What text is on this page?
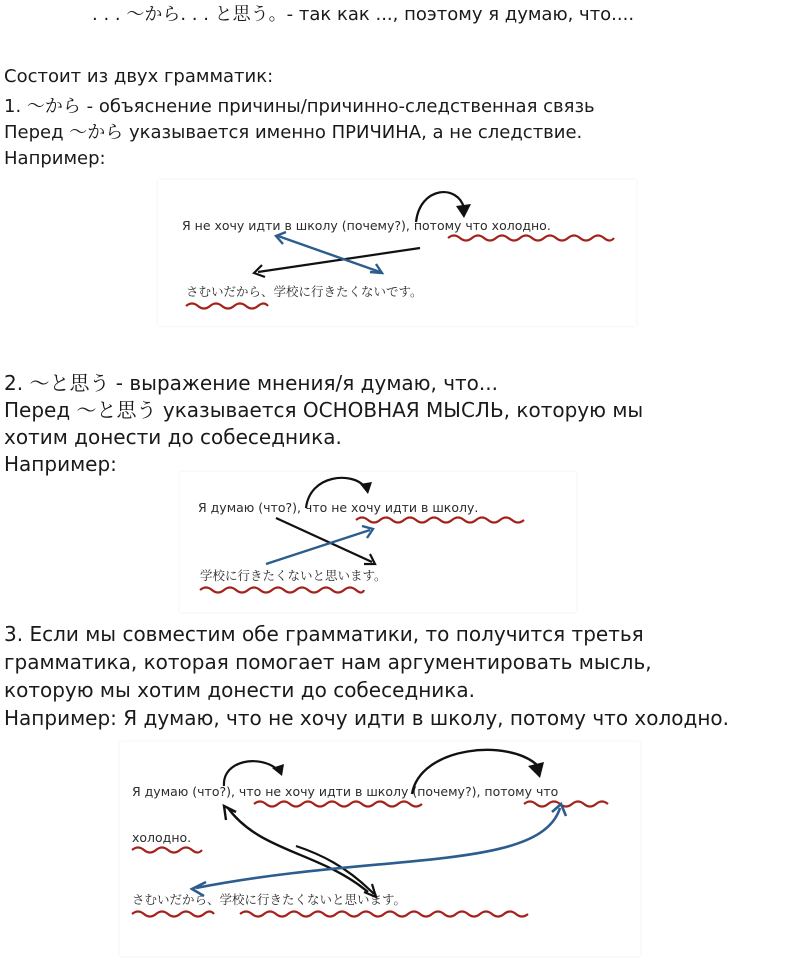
. . . ～から. . . と思う。- так как ..., поэтому я думаю, что....
Состоит из двух грамматик:
1. ～から - объяснение причины/причинно-следственная связь
Перед ～から указывается именно ПРИЧИНА, а не следствие.
Например:
Я не хочу идти в школу (почему?), потому что холодно.
さむいだから、学校に行きたくないです。
2. ～と思う - выражение мнения/я думаю, что...
Перед ～と思う указывается ОСНОВНАЯ МЫСЛЬ, которую мы
хотим донести до собеседника.
Например:
Я думаю (что?), что не хочу идти в школу.
学校に行きたくないと思います。
3. Если мы совместим обе грамматики, то получится третья
грамматика, которая помогает нам аргументировать мысль,
которую мы хотим донести до собеседника.
Например: Я думаю, что не хочу идти в школу, потому что холодно.
Я думаю (что?), что не хочу идти в школу (почему?), потому что
холодно.
さむいだから、学校に行きたくないと思います。
